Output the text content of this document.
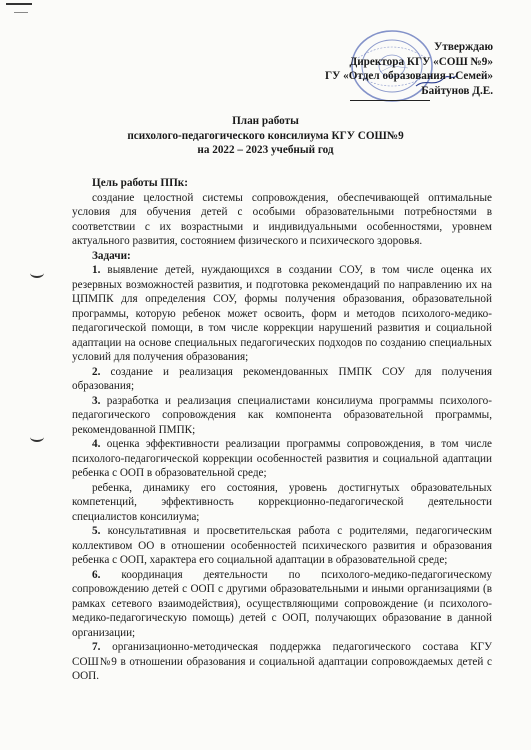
Утверждаю
Директора КГУ «СОШ №9»
ГУ «Отдел образования г.Семей»
Байтунов Д.Е.
План работы
психолого-педагогического консилиума КГУ СОШ№9
на 2022 – 2023 учебный год

Цель работы ППк:

создание целостной системы сопровождения, обеспечивающей оптимальные условия для обучения детей с особыми образовательными потребностями в соответствии с их возрастными и индивидуальными особенностями, уровнем актуального развития, состоянием физического и психического здоровья.

Задачи:

1. выявление детей, нуждающихся в создании СОУ, в том числе оценка их резервных возможностей развития, и подготовка рекомендаций по направлению их на ЦПМПК для определения СОУ, формы получения образования, образовательной программы, которую ребенок может освоить, форм и методов психолого-медико-педагогической помощи, в том числе коррекции нарушений развития и социальной адаптации на основе специальных педагогических подходов по созданию специальных условий для получения образования;

2. создание и реализация рекомендованных ПМПК СОУ для получения образования;

3. разработка и реализация специалистами консилиума программы психолого-педагогического сопровождения как компонента образовательной программы, рекомендованной ПМПК;

4. оценка эффективности реализации программы сопровождения, в том числе психолого-педагогической коррекции особенностей развития и социальной адаптации ребенка с ООП в образовательной среде;

ребенка, динамику его состояния, уровень достигнутых образовательных компетенций, эффективность коррекционно-педагогической деятельности специалистов консилиума;

5. консультативная и просветительская работа с родителями, педагогическим коллективом ОО в отношении особенностей психического развития и образования ребенка с ООП, характера его социальной адаптации в образовательной среде;

6. координация деятельности по психолого-медико-педагогическому сопровождению детей с ООП с другими образовательными и иными организациями (в рамках сетевого взаимодействия), осуществляющими сопровождение (и психолого-медико-педагогическую помощь) детей с ООП, получающих образование в данной организации;

7. организационно-методическая поддержка педагогического состава КГУ СОШ№9 в отношении образования и социальной адаптации сопровождаемых детей с ООП.
